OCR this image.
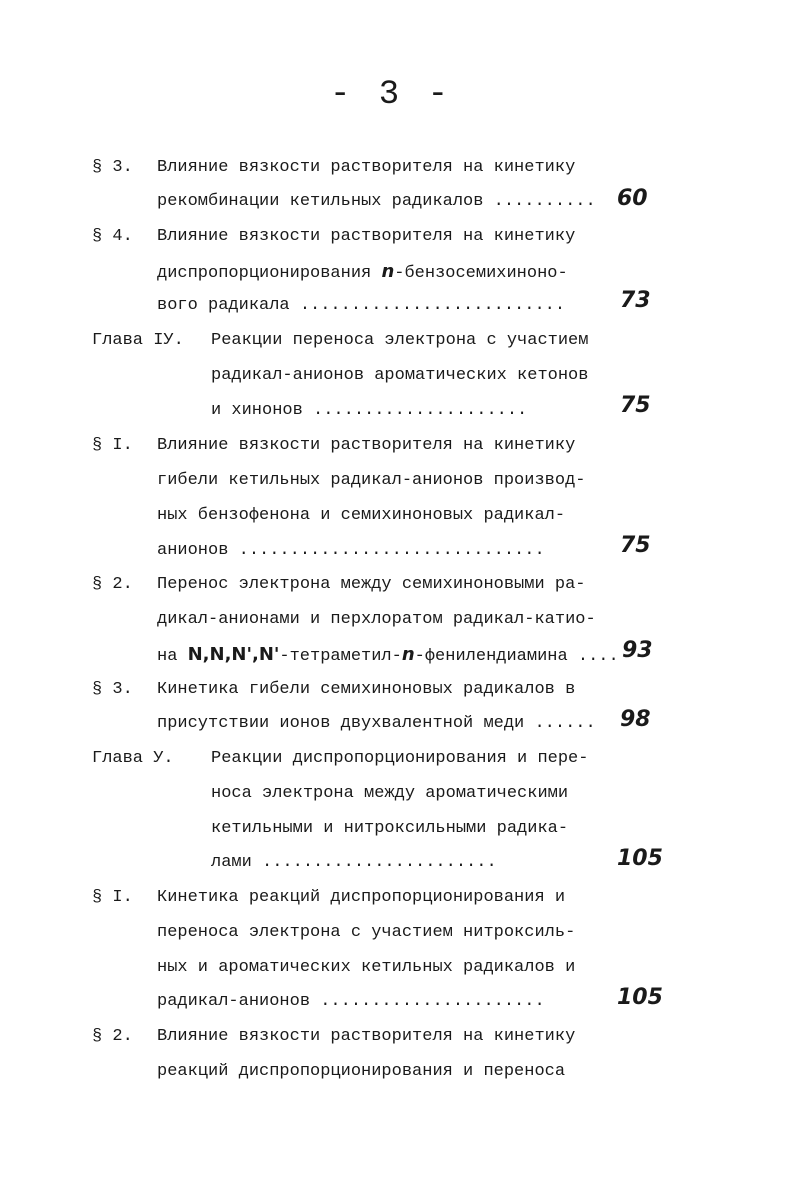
- 3 -
§ 3. Влияние вязкости растворителя на кинетику
рекомбинации кетильных радикалов .......... 60
§ 4. Влияние вязкости растворителя на кинетику
диспропорционирования n-бензосемихиноно-
вого радикала .......................... 73
Глава IУ. Реакции переноса электрона с участием
радикал-анионов ароматических кетонов
и хинонов .....................	75
§ I. Влияние вязкости растворителя на кинетику
гибели кетильных радикал-анионов производ-
ных бензофенона и семихиноновых радикал-
анионов ..............................	75
§ 2. Перенос электрона между семихиноновыми ра-
дикал-анионами и перхлоратом радикал-катио-
на N,N,N',N'-тетраметил-n-фенилендиамина .... 93
§ 3. Кинетика гибели семихиноновых радикалов в
присутствии ионов двухвалентной меди ...... 98
Глава У. Реакции диспропорционирования и пере-
носа электрона между ароматическими
кетильными и нитроксильными радика-
лами .......................	105
§ I. Кинетика реакций диспропорционирования и
переноса электрона с участием нитроксиль-
ных и ароматических кетильных радикалов и
радикал-анионов ......................	105
§ 2. Влияние вязкости растворителя на кинетику
реакций диспропорционирования и переноса
